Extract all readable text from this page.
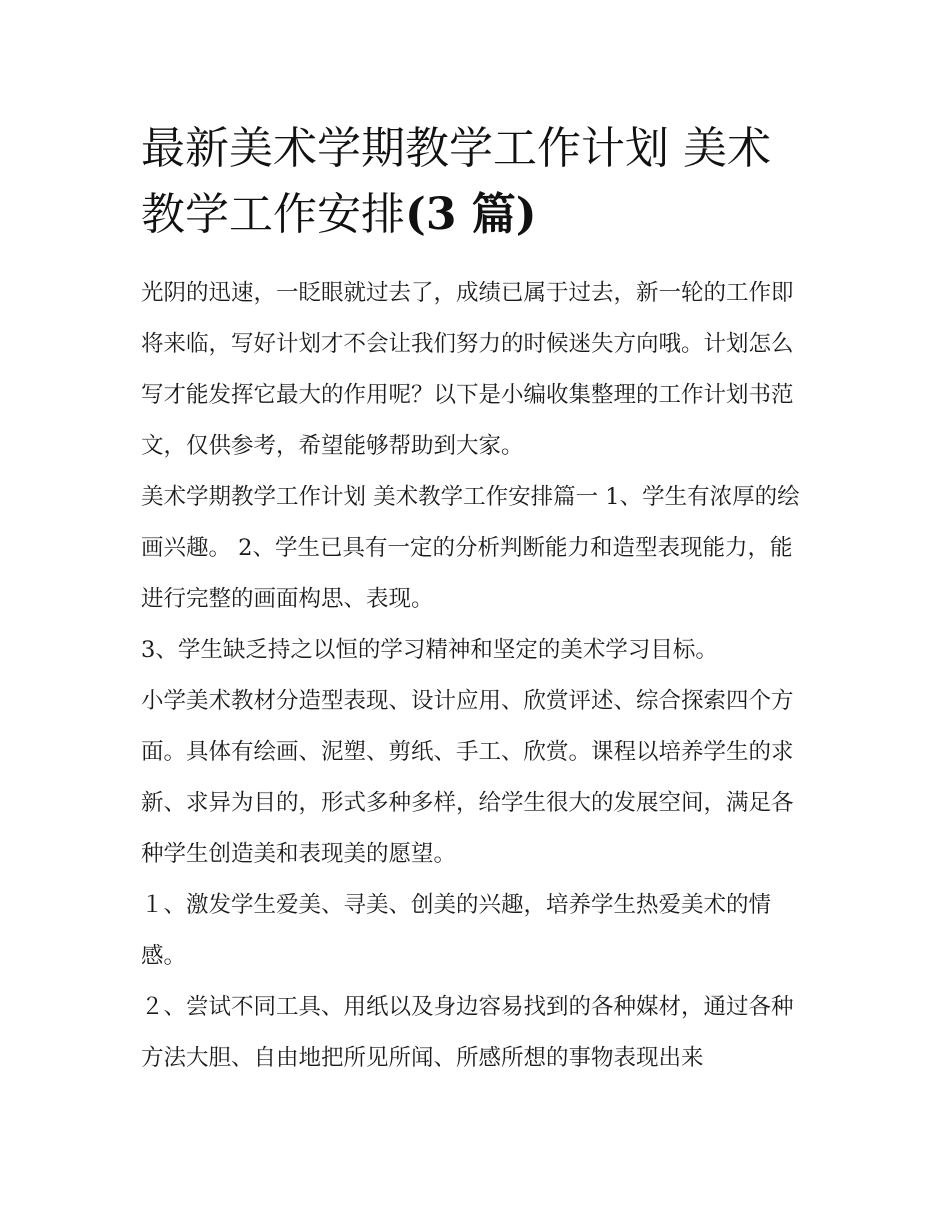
最新美术学期教学工作计划 美术教学工作安排(3 篇)

光阴的迅速，一眨眼就过去了，成绩已属于过去，新一轮的工作即将来临，写好计划才不会让我们努力的时候迷失方向哦。计划怎么写才能发挥它最大的作用呢？以下是小编收集整理的工作计划书范文，仅供参考，希望能够帮助到大家。

美术学期教学工作计划 美术教学工作安排篇一 1、学生有浓厚的绘画兴趣。 2、学生已具有一定的分析判断能力和造型表现能力，能进行完整的画面构思、表现。

3、学生缺乏持之以恒的学习精神和坚定的美术学习目标。

小学美术教材分造型表现、设计应用、欣赏评述、综合探索四个方面。具体有绘画、泥塑、剪纸、手工、欣赏。课程以培养学生的求新、求异为目的，形式多种多样，给学生很大的发展空间，满足各种学生创造美和表现美的愿望。

１、激发学生爱美、寻美、创美的兴趣，培养学生热爱美术的情感。

２、尝试不同工具、用纸以及身边容易找到的各种媒材，通过各种方法大胆、自由地把所见所闻、所感所想的事物表现出来
